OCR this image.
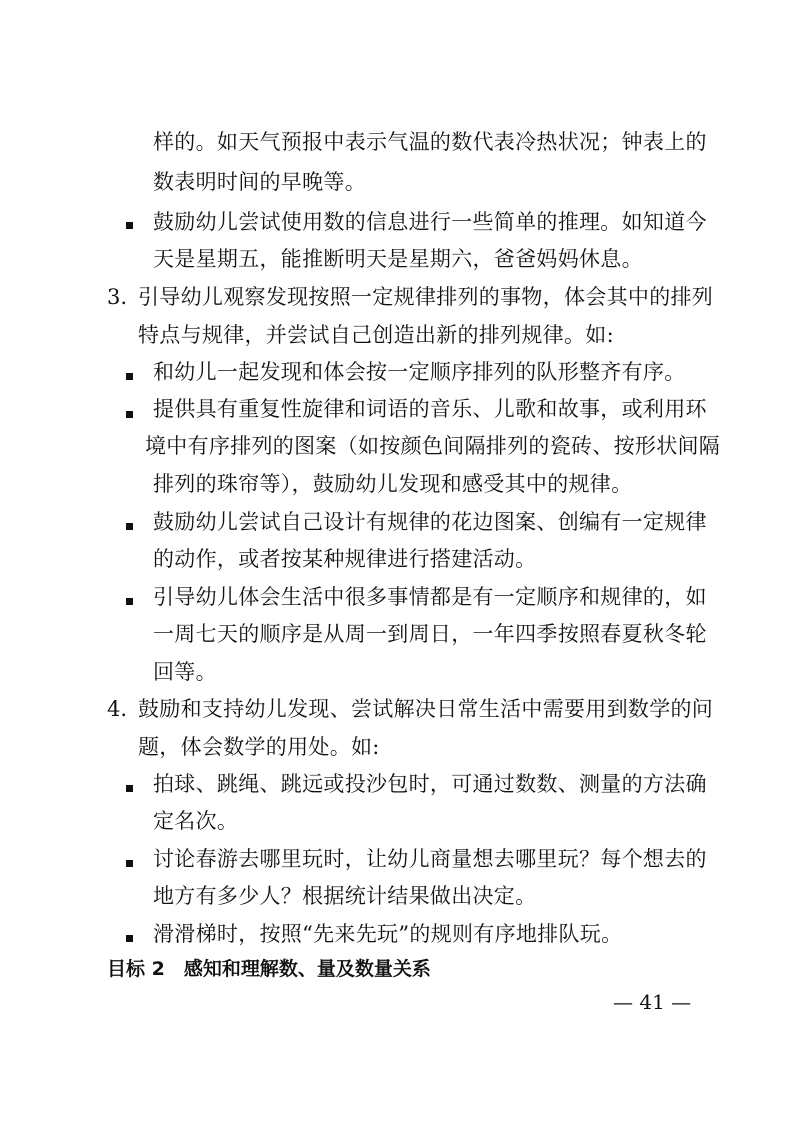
样的。如天气预报中表示气温的数代表冷热状况；钟表上的
数表明时间的早晚等。
鼓励幼儿尝试使用数的信息进行一些简单的推理。如知道今
天是星期五，能推断明天是星期六，爸爸妈妈休息。
3. 引导幼儿观察发现按照一定规律排列的事物，体会其中的排列
特点与规律，并尝试自己创造出新的排列规律。如:
和幼儿一起发现和体会按一定顺序排列的队形整齐有序。
提供具有重复性旋律和词语的音乐、儿歌和故事，或利用环
境中有序排列的图案（如按颜色间隔排列的瓷砖、按形状间隔
排列的珠帘等），鼓励幼儿发现和感受其中的规律。
鼓励幼儿尝试自己设计有规律的花边图案、创编有一定规律
的动作，或者按某种规律进行搭建活动。
引导幼儿体会生活中很多事情都是有一定顺序和规律的，如
一周七天的顺序是从周一到周日，一年四季按照春夏秋冬轮
回等。
4. 鼓励和支持幼儿发现、尝试解决日常生活中需要用到数学的问
题，体会数学的用处。如:
拍球、跳绳、跳远或投沙包时，可通过数数、测量的方法确
定名次。
讨论春游去哪里玩时，让幼儿商量想去哪里玩？每个想去的
地方有多少人？根据统计结果做出决定。
滑滑梯时，按照“先来先玩”的规则有序地排队玩。
目标 2　感知和理解数、量及数量关系
— 41 —
